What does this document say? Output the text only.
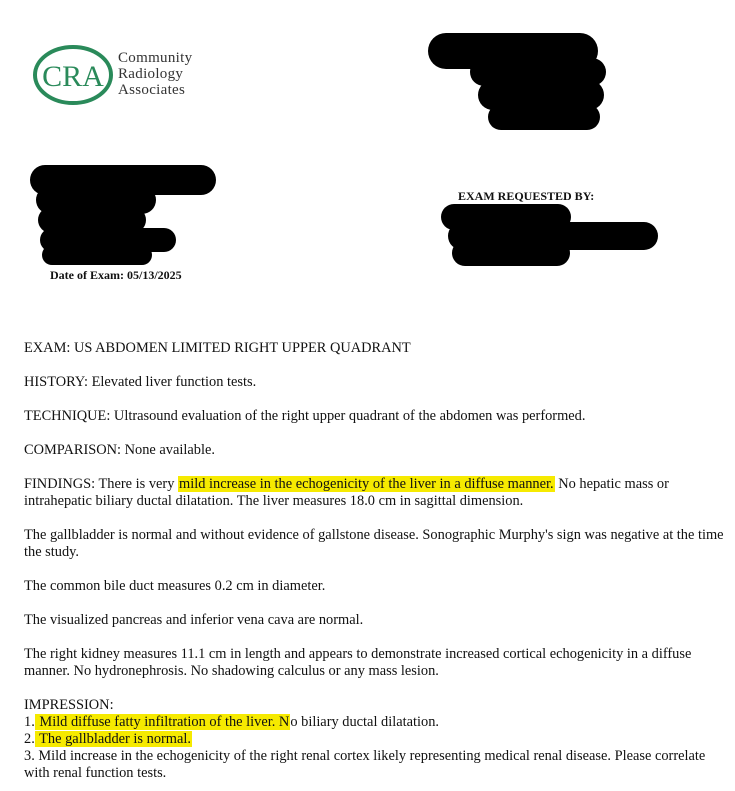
CRA
Community
Radiology
Associates
Date of Exam: 05/13/2025
EXAM REQUESTED BY:

EXAM: US ABDOMEN LIMITED RIGHT UPPER QUADRANT

HISTORY: Elevated liver function tests.

TECHNIQUE: Ultrasound evaluation of the right upper quadrant of the abdomen was performed.

COMPARISON: None available.

FINDINGS: There is very mild increase in the echogenicity of the liver in a diffuse manner. No hepatic mass or intrahepatic biliary ductal dilatation. The liver measures 18.0 cm in sagittal dimension.

The gallbladder is normal and without evidence of gallstone disease. Sonographic Murphy's sign was negative at the time the study.

The common bile duct measures 0.2 cm in diameter.

The visualized pancreas and inferior vena cava are normal.

The right kidney measures 11.1 cm in length and appears to demonstrate increased cortical echogenicity in a diffuse manner. No hydronephrosis. No shadowing calculus or any mass lesion.

IMPRESSION:

1. Mild diffuse fatty infiltration of the liver. No biliary ductal dilatation.

2. The gallbladder is normal.

3. Mild increase in the echogenicity of the right renal cortex likely representing medical renal disease. Please correlate with renal function tests.
